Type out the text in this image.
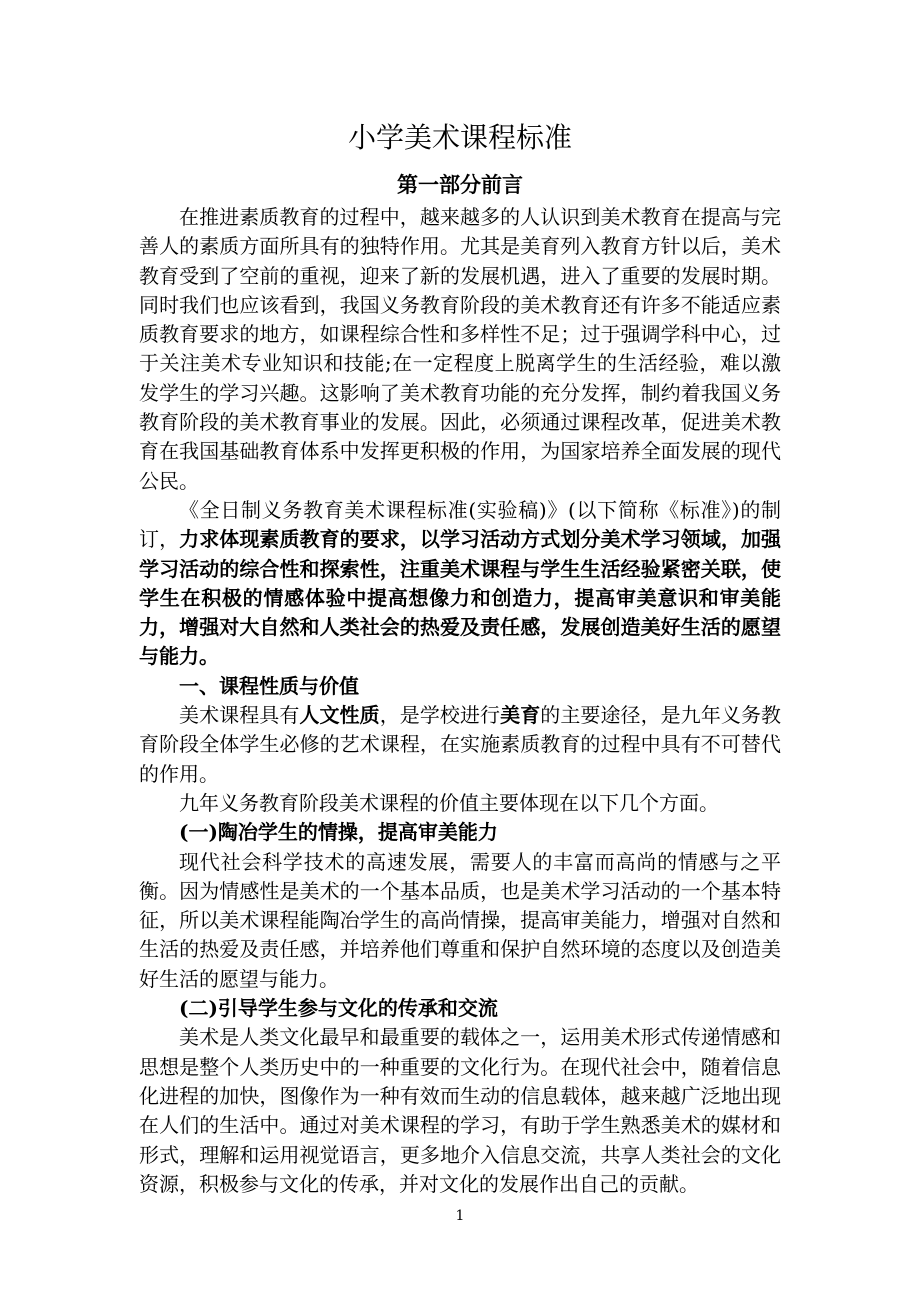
小学美术课程标准
第一部分前言

在推进素质教育的过程中，越来越多的人认识到美术教育在提高与完善人的素质方面所具有的独特作用。尤其是美育列入教育方针以后，美术教育受到了空前的重视，迎来了新的发展机遇，进入了重要的发展时期。同时我们也应该看到，我国义务教育阶段的美术教育还有许多不能适应素质教育要求的地方，如课程综合性和多样性不足；过于强调学科中心，过于关注美术专业知识和技能;在一定程度上脱离学生的生活经验，难以激发学生的学习兴趣。这影响了美术教育功能的充分发挥，制约着我国义务教育阶段的美术教育事业的发展。因此，必须通过课程改革，促进美术教育在我国基础教育体系中发挥更积极的作用，为国家培养全面发展的现代公民。

《全日制义务教育美术课程标准(实验稿)》(以下简称《标准》)的制订，力求体现素质教育的要求，以学习活动方式划分美术学习领域，加强学习活动的综合性和探索性，注重美术课程与学生生活经验紧密关联，使学生在积极的情感体验中提高想像力和创造力，提高审美意识和审美能力，增强对大自然和人类社会的热爱及责任感，发展创造美好生活的愿望与能力。

一、课程性质与价值

美术课程具有人文性质，是学校进行美育的主要途径，是九年义务教育阶段全体学生必修的艺术课程，在实施素质教育的过程中具有不可替代的作用。

九年义务教育阶段美术课程的价值主要体现在以下几个方面。

(一)陶冶学生的情操，提高审美能力

现代社会科学技术的高速发展，需要人的丰富而高尚的情感与之平衡。因为情感性是美术的一个基本品质，也是美术学习活动的一个基本特征，所以美术课程能陶冶学生的高尚情操，提高审美能力，增强对自然和生活的热爱及责任感，并培养他们尊重和保护自然环境的态度以及创造美好生活的愿望与能力。

(二)引导学生参与文化的传承和交流

美术是人类文化最早和最重要的载体之一，运用美术形式传递情感和思想是整个人类历史中的一种重要的文化行为。在现代社会中，随着信息化进程的加快，图像作为一种有效而生动的信息载体，越来越广泛地出现在人们的生活中。通过对美术课程的学习，有助于学生熟悉美术的媒材和形式，理解和运用视觉语言，更多地介入信息交流，共享人类社会的文化资源，积极参与文化的传承，并对文化的发展作出自己的贡献。

1
